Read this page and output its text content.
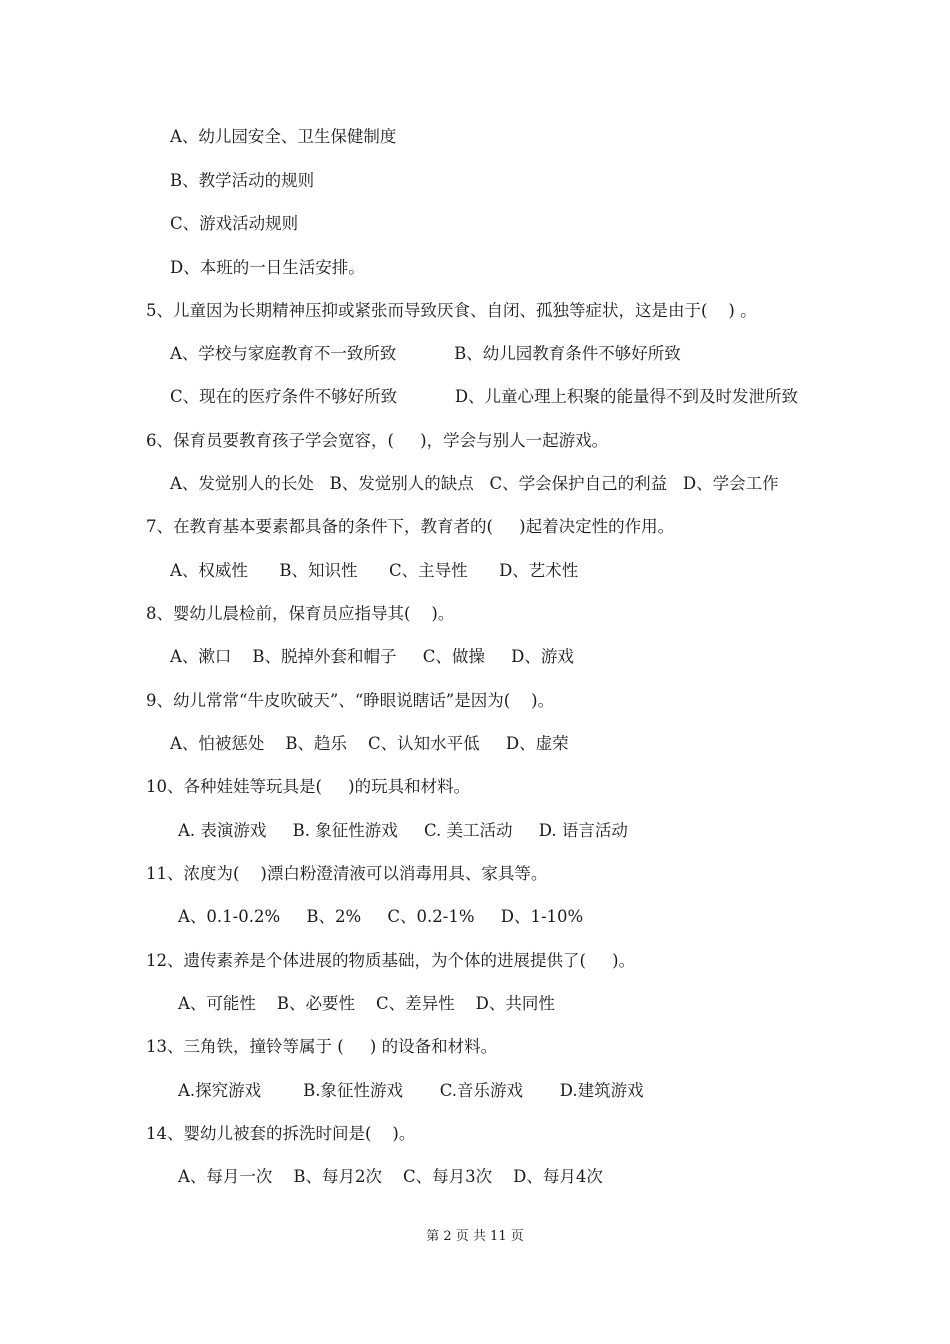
A、幼儿园安全、卫生保健制度
B、教学活动的规则
C、游戏活动规则
D、本班的一日生活安排。
5、儿童因为长期精神压抑或紧张而导致厌食、自闭、孤独等症状，这是由于(    ) 。
A、学校与家庭教育不一致所致           B、幼儿园教育条件不够好所致
C、现在的医疗条件不够好所致           D、儿童心理上积聚的能量得不到及时发泄所致
6、保育员要教育孩子学会宽容，(     )，学会与别人一起游戏。
A、发觉别人的长处   B、发觉别人的缺点   C、学会保护自己的利益   D、学会工作
7、在教育基本要素都具备的条件下，教育者的(     )起着决定性的作用。
A、权威性      B、知识性      C、主导性      D、艺术性
8、婴幼儿晨检前，保育员应指导其(    )。
A、漱口    B、脱掉外套和帽子     C、做操     D、游戏
9、幼儿常常“牛皮吹破天”、“睁眼说瞎话”是因为(    )。
A、怕被惩处    B、趋乐    C、认知水平低     D、虚荣
10、各种娃娃等玩具是(     )的玩具和材料。
A. 表演游戏     B. 象征性游戏     C. 美工活动     D. 语言活动
11、浓度为(    )漂白粉澄清液可以消毒用具、家具等。
A、0.1-0.2%     B、2%     C、0.2-1%     D、1-10%
12、遗传素养是个体进展的物质基础，为个体的进展提供了(     )。
A、可能性    B、必要性    C、差异性    D、共同性
13、三角铁，撞铃等属于 (     ) 的设备和材料。
A.探究游戏        B.象征性游戏       C.音乐游戏       D.建筑游戏
14、婴幼儿被套的拆洗时间是(    )。
A、每月一次    B、每月2次    C、每月3次    D、每月4次
第 2 页 共 11 页
